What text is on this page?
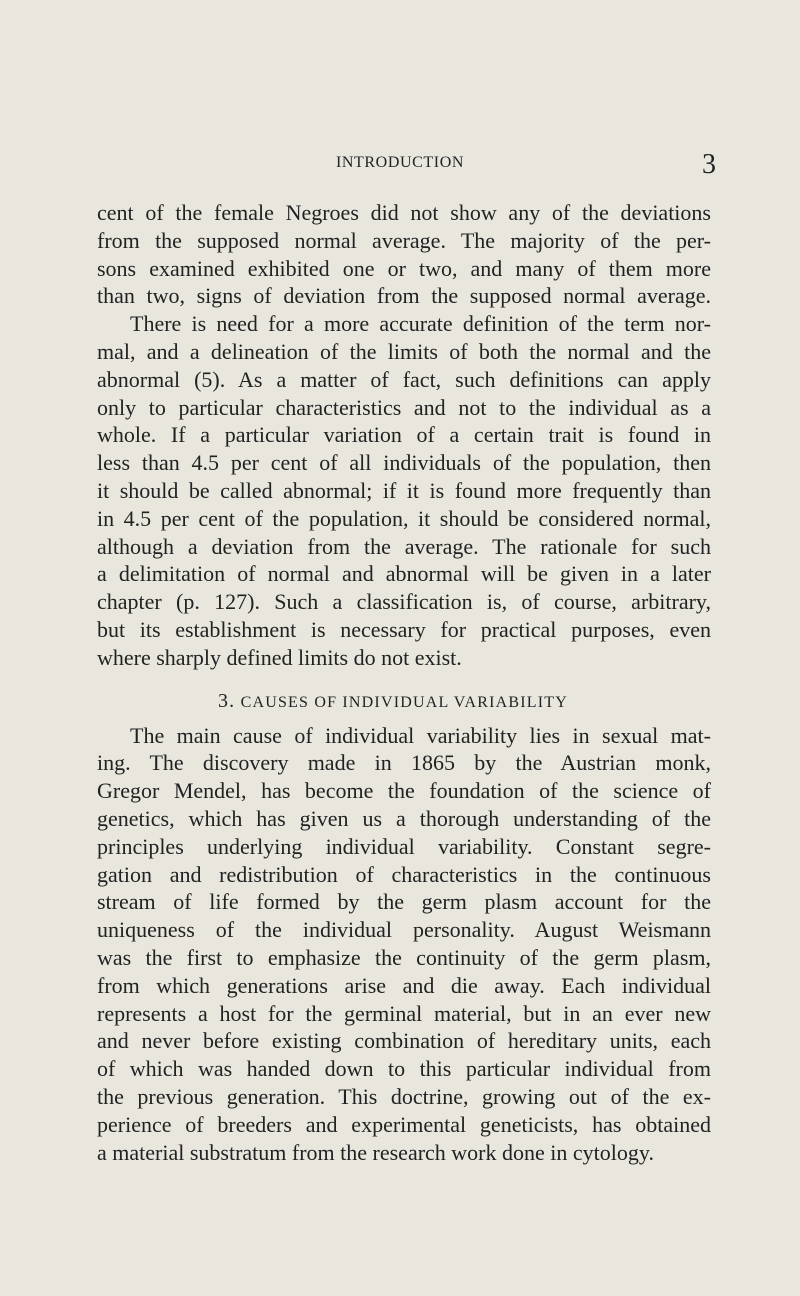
INTRODUCTION	3
cent of the female Negroes did not show any of the deviations
from the supposed normal average. The majority of the per-
sons examined exhibited one or two, and many of them more
than two, signs of deviation from the supposed normal average.
There is need for a more accurate definition of the term nor-
mal, and a delineation of the limits of both the normal and the
abnormal (5). As a matter of fact, such definitions can apply
only to particular characteristics and not to the individual as a
whole. If a particular variation of a certain trait is found in
less than 4.5 per cent of all individuals of the population, then
it should be called abnormal; if it is found more frequently than
in 4.5 per cent of the population, it should be considered normal,
although a deviation from the average. The rationale for such
a delimitation of normal and abnormal will be given in a later
chapter (p. 127). Such a classification is, of course, arbitrary,
but its establishment is necessary for practical purposes, even
where sharply defined limits do not exist.
3. CAUSES OF INDIVIDUAL VARIABILITY
The main cause of individual variability lies in sexual mat-
ing. The discovery made in 1865 by the Austrian monk,
Gregor Mendel, has become the foundation of the science of
genetics, which has given us a thorough understanding of the
principles underlying individual variability. Constant segre-
gation and redistribution of characteristics in the continuous
stream of life formed by the germ plasm account for the
uniqueness of the individual personality. August Weismann
was the first to emphasize the continuity of the germ plasm,
from which generations arise and die away. Each individual
represents a host for the germinal material, but in an ever new
and never before existing combination of hereditary units, each
of which was handed down to this particular individual from
the previous generation. This doctrine, growing out of the ex-
perience of breeders and experimental geneticists, has obtained
a material substratum from the research work done in cytology.
